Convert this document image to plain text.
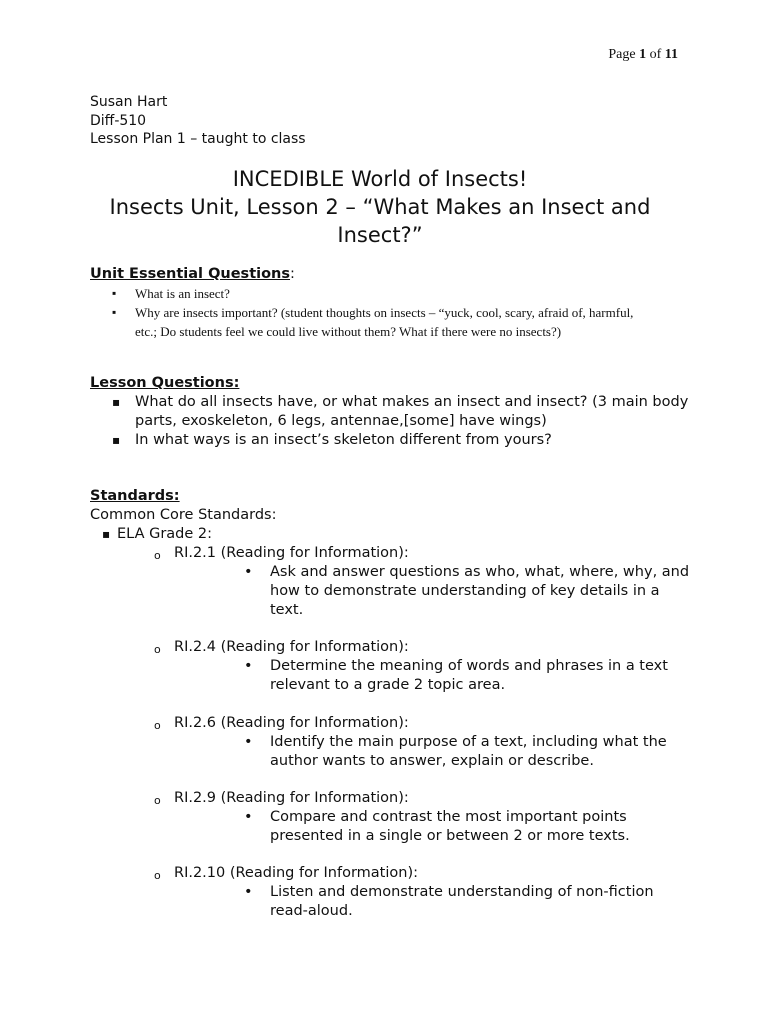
Page 1 of 11
Susan Hart
Diff-510
Lesson Plan 1 – taught to class
INCEDIBLE World of Insects!
Insects Unit, Lesson 2 – “What Makes an Insect and Insect?”
Unit Essential Questions:
▪ What is an insect?
▪ Why are insects important? (student thoughts on insects – “yuck, cool, scary, afraid of, harmful, etc.; Do students feel we could live without them? What if there were no insects?)
Lesson Questions:
▪ What do all insects have, or what makes an insect and insect? (3 main body parts, exoskeleton, 6 legs, antennae,[some] have wings)
▪ In what ways is an insect’s skeleton different from yours?
Standards:
Common Core Standards:
▪ ELA Grade 2:
o RI.2.1 (Reading for Information):
• Ask and answer questions as who, what, where, why, and how to demonstrate understanding of key details in a text.
o RI.2.4 (Reading for Information):
• Determine the meaning of words and phrases in a text relevant to a grade 2 topic area.
o RI.2.6 (Reading for Information):
• Identify the main purpose of a text, including what the author wants to answer, explain or describe.
o RI.2.9 (Reading for Information):
• Compare and contrast the most important points presented in a single or between 2 or more texts.
o RI.2.10 (Reading for Information):
• Listen and demonstrate understanding of non-fiction read-aloud.
